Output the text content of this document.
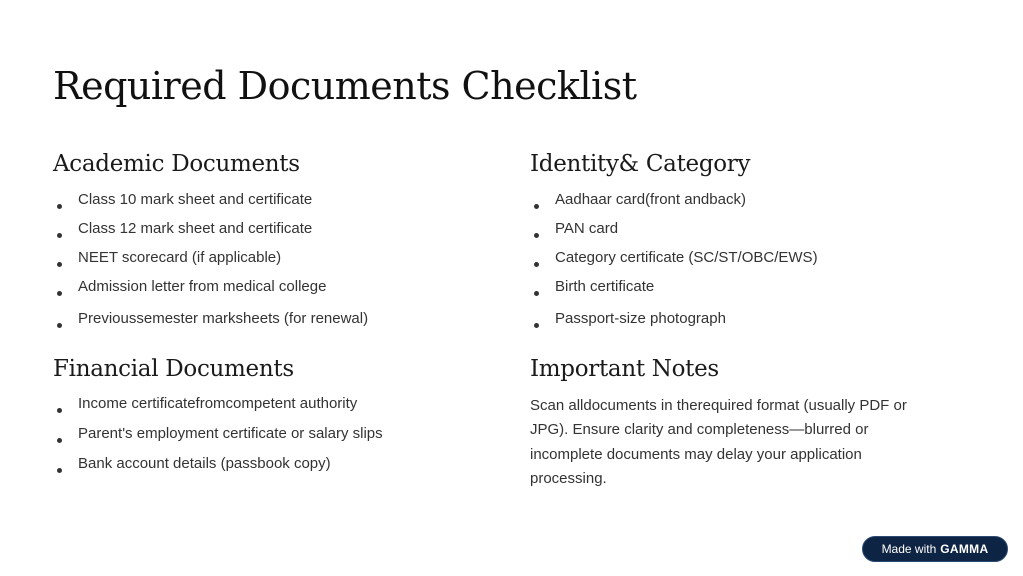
Required Documents Checklist
Academic Documents
Class 10 mark sheet and certificate
Class 12 mark sheet and certificate
NEET scorecard (if applicable)
Admission letter from medical college
Previoussemester marksheets (for renewal)
Identity& Category
Aadhaar card(front andback)
PAN card
Category certificate (SC/ST/OBC/EWS)
Birth certificate
Passport-size photograph
Financial Documents
Income certificatefromcompetent authority
Parent's employment certificate or salary slips
Bank account details (passbook copy)
Important Notes

Scan alldocuments in therequired format (usually PDF or JPG). Ensure clarity and completeness—blurred or incomplete documents may delay your application processing.

Made with GAMMA
